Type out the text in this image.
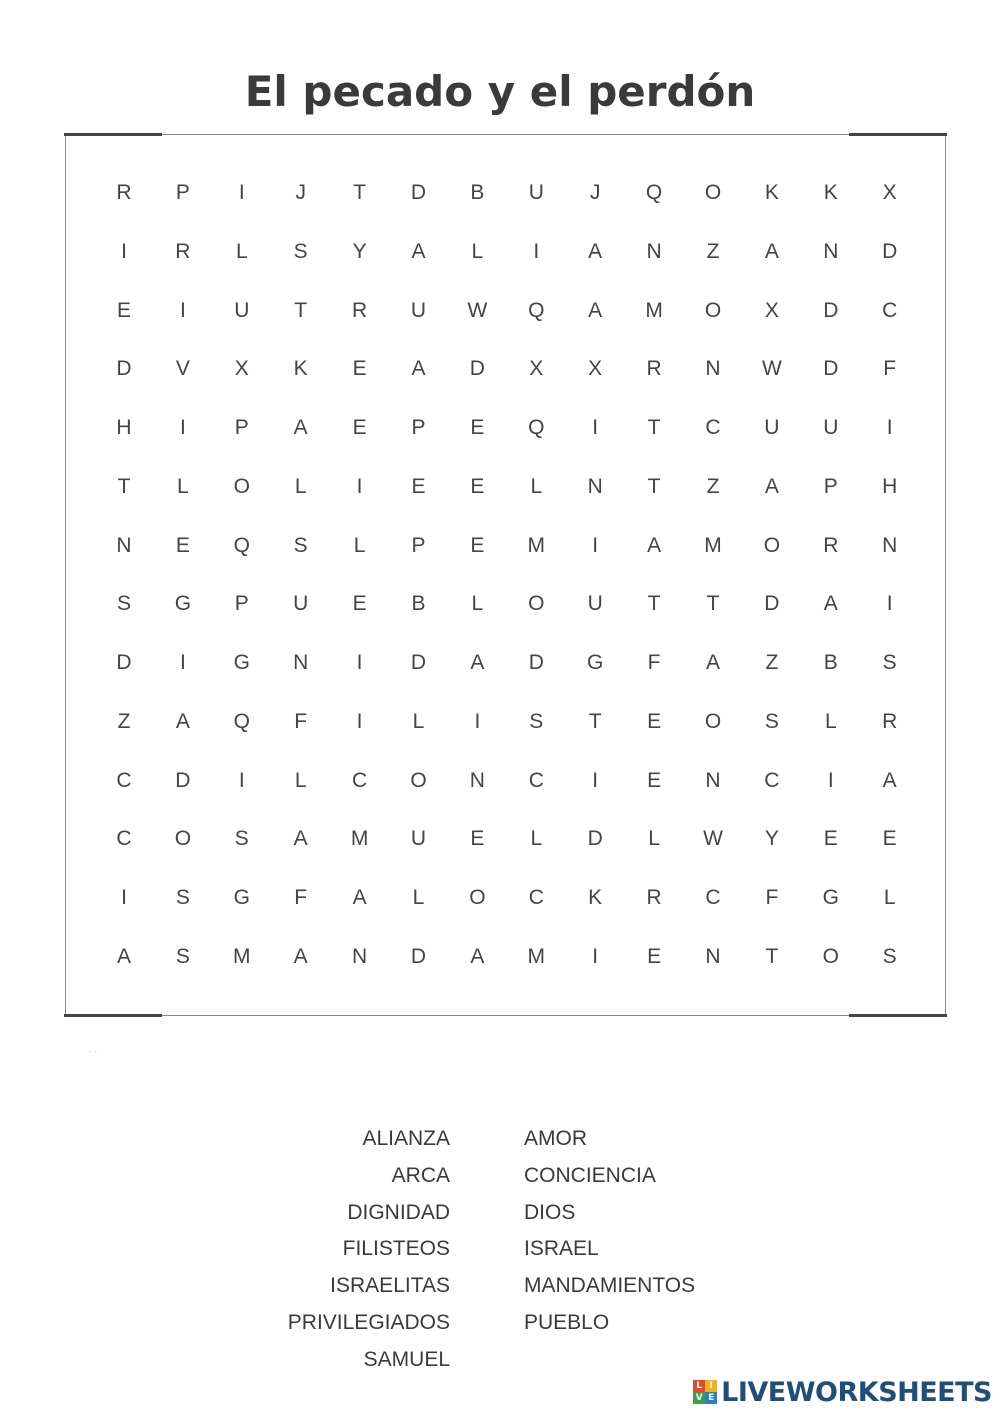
El pecado y el perdón
R	P	I	J	T	D	B	U	J	Q	O	K	K	X
I	R	L	S	Y	A	L	I	A	N	Z	A	N	D
E	I	U	T	R	U	W	Q	A	M	O	X	D	C
D	V	X	K	E	A	D	X	X	R	N	W	D	F
H	I	P	A	E	P	E	Q	I	T	C	U	U	I
T	L	O	L	I	E	E	L	N	T	Z	A	P	H
N	E	Q	S	L	P	E	M	I	A	M	O	R	N
S	G	P	U	E	B	L	O	U	T	T	D	A	I
D	I	G	N	I	D	A	D	G	F	A	Z	B	S
Z	A	Q	F	I	L	I	S	T	E	O	S	L	R
C	D	I	L	C	O	N	C	I	E	N	C	I	A
C	O	S	A	M	U	E	L	D	L	W	Y	E	E
I	S	G	F	A	L	O	C	K	R	C	F	G	L
A	S	M	A	N	D	A	M	I	E	N	T	O	S
· ·
ALIANZA
ARCA
DIGNIDAD
FILISTEOS
ISRAELITAS
PRIVILEGIADOS
SAMUEL
AMOR
CONCIENCIA
DIOS
ISRAEL
MANDAMIENTOS
PUEBLO
L I
V E LIVEWORKSHEETS
